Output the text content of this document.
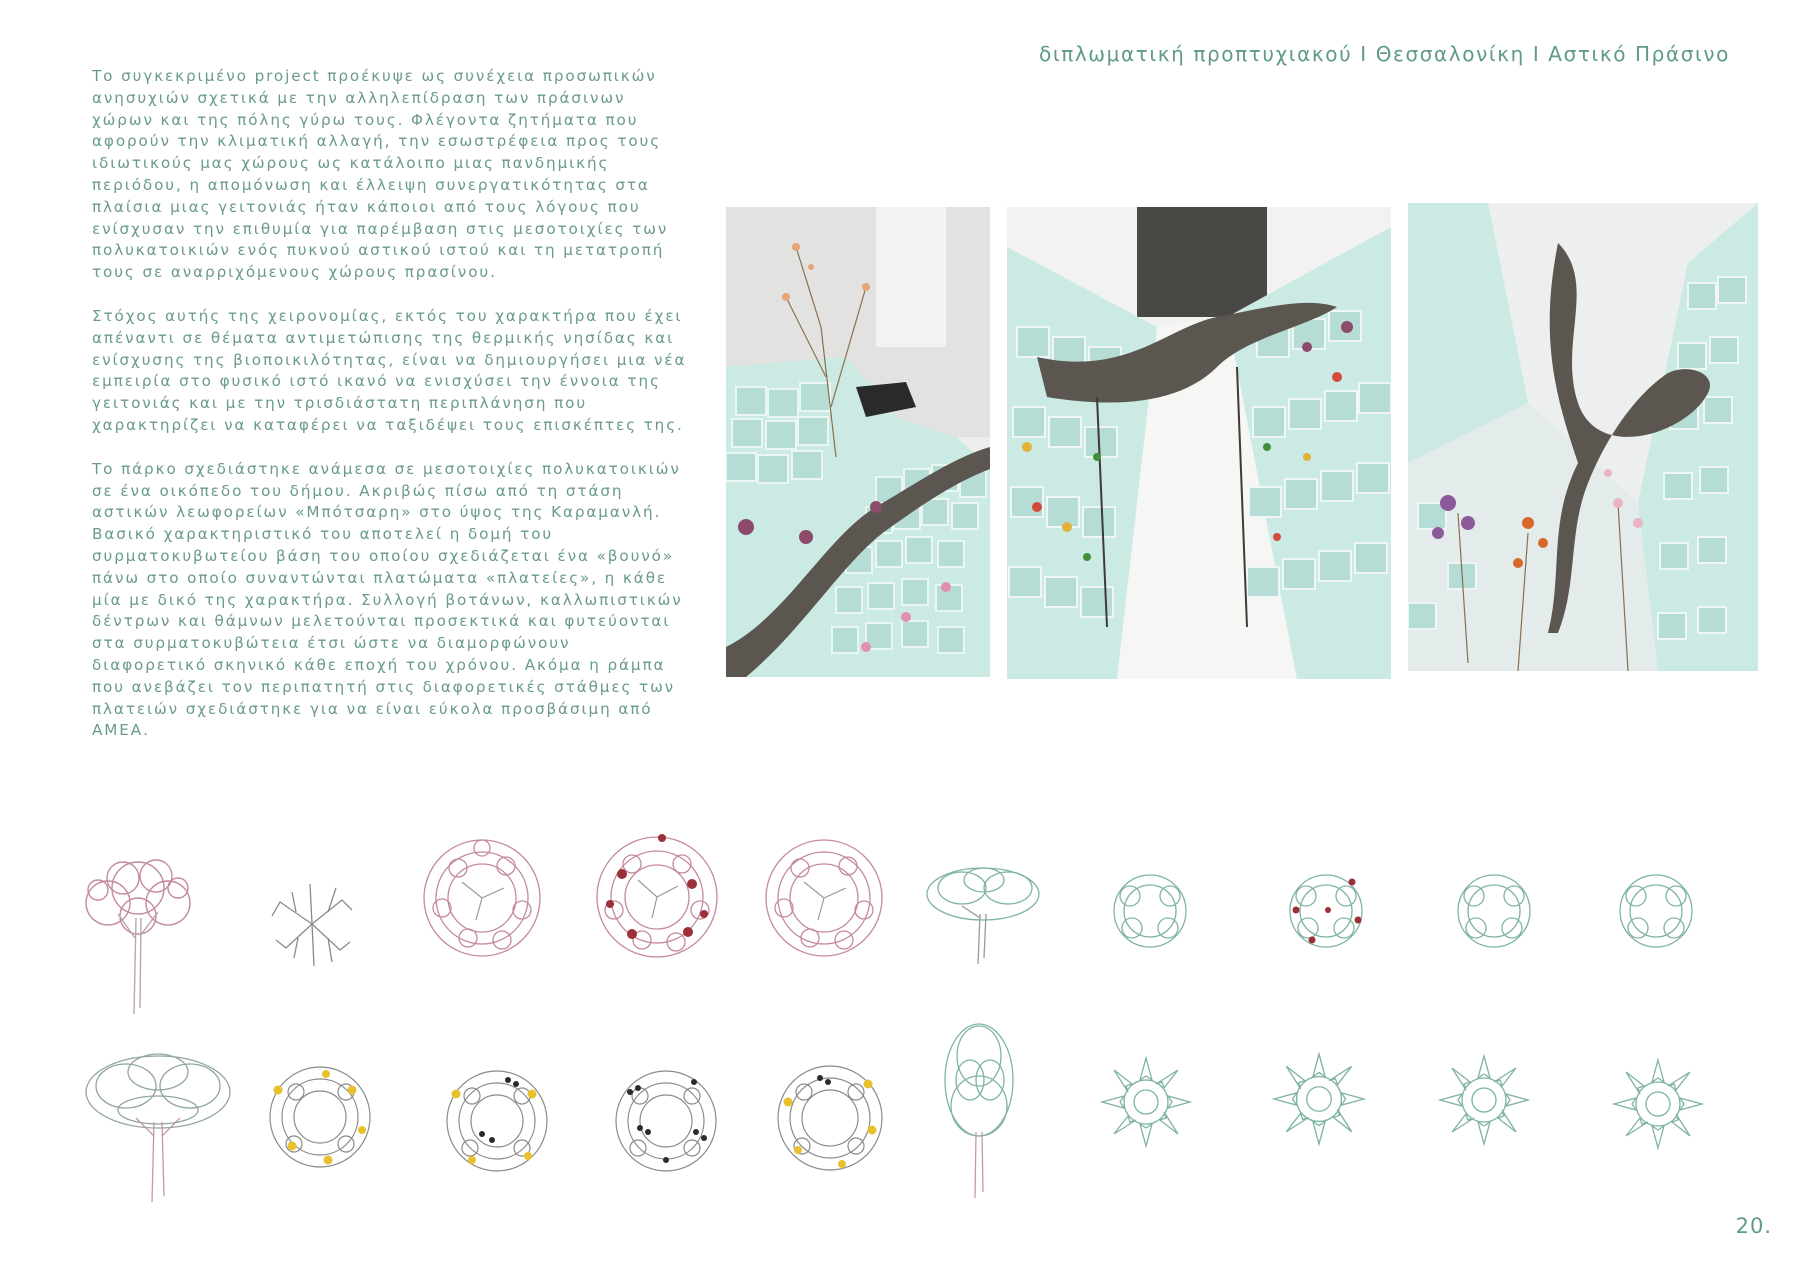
διπλωματική προπτυχιακού Ι Θεσσαλονίκη Ι Αστικό Πράσινο

Το συγκεκριμένο project προέκυψε ως συνέχεια προσωπικών ανησυχιών σχετικά με την αλληλεπίδραση των πράσινων χώρων και της πόλης γύρω τους. Φλέγοντα ζητήματα που αφορούν την κλιματική αλλαγή, την εσωστρέφεια προς τους ιδιωτικούς μας χώρους ως κατάλοιπο μιας πανδημικής περιόδου, η απομόνωση και έλλειψη συνεργατικότητας στα πλαίσια μιας γειτονιάς ήταν κάποιοι από τους λόγους που ενίσχυσαν την επιθυμία για παρέμβαση στις μεσοτοιχίες των πολυκατοικιών ενός πυκνού αστικού ιστού και τη μετατροπή τους σε αναρριχόμενους χώρους πρασίνου.

Στόχος αυτής της χειρονομίας, εκτός του χαρακτήρα που έχει απέναντι σε θέματα αντιμετώπισης της θερμικής νησίδας και ενίσχυσης της βιοποικιλότητας, είναι να δημιουργήσει μια νέα εμπειρία στο φυσικό ιστό ικανό να ενισχύσει την έννοια της γειτονιάς και με την τρισδιάστατη περιπλάνηση που χαρακτηρίζει να καταφέρει να ταξιδέψει τους επισκέπτες της.

Το πάρκο σχεδιάστηκε ανάμεσα σε μεσοτοιχίες πολυκατοικιών σε ένα οικόπεδο του δήμου. Ακριβώς πίσω από τη στάση αστικών λεωφορείων «Μπότσαρη» στο ύψος της Καραμανλή. Βασικό χαρακτηριστικό του αποτελεί η δομή του συρματοκυβωτείου βάση του οποίου σχεδιάζεται ένα «βουνό» πάνω στο οποίο συναντώνται πλατώματα «πλατείες», η κάθε μία με δικό της χαρακτήρα. Συλλογή βοτάνων, καλλωπιστικών δέντρων και θάμνων μελετούνται προσεκτικά και φυτεύονται στα συρματοκυβώτεια έτσι ώστε να διαμορφώνουν διαφορετικό σκηνικό κάθε εποχή του χρόνου. Ακόμα η ράμπα που ανεβάζει τον περιπατητή στις διαφορετικές στάθμες των πλατειών σχεδιάστηκε για να είναι εύκολα προσβάσιμη από ΑΜΕΑ.

20.
